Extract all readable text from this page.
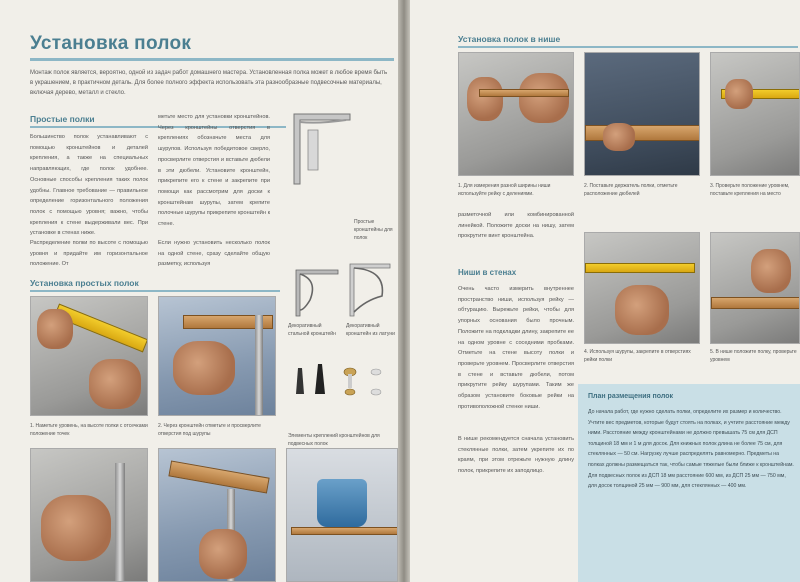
Установка полок
Монтаж полок является, вероятно, одной из задач работ домашнего мастера. Установленная полка может в любое время быть в украшением, в практичном деталь. Для более полного эффекта использовать эта разнообразные подвесочные материалы, включая дерево, металл и стекло.
Простые полки
Большинство полок устанавливают с помощью кронштейнов и деталей крепления, а также на специальных направляющих, где полок удобнее. Основные способы крепления таких полок удобны. Главное требование — правильное определение горизонтального положения полок с помощью уровня; важно, чтобы крепления к стене выдерживали вес. При установке в стенах ниже.
Распределение полки по высоте с помощью уровня и придайте им горизонтальное положение. От
метьте место для установки кронштейнов. Через кронштейны отверстия в креплениях обозначьте места для шурупов. Используя победитовое сверло, просверлите отверстия и вставьте дюбели в эти дюбели. Установите кронштейн, прикрепите его к стене и закрепите при помощи как рассмотрим для доски к кронштейнам шурупы, затем крепите полочные шурупы прикрепите кронштейн к стене.
Если нужно установить несколько полок на одной стене, сразу сделайте общую разметку, используя
Простые кронштейны для полок
Декоративный стальной кронштейн
Декоративный кронштейн из латуни
Элементы креплений кронштейнов для подвесных полок
Установка простых полок
1. Наметьте уровень, на высоте полки с отсечками положение точек
2. Через кронштейн отметьте и просверлите отверстия под шурупы
Установка полок в нише
1. Для измерения разной ширины ниши используйте рейку с делениями.
2. Поставьте держатель полки, отметьте расположение дюбелей
3. Проверьте положение уровнем, поставьте крепления на место
разметочной или комбинированной линейкой. Положите доски на нишу, затем прокрутите винт кронштейна.
Ниши в стенах
Очень часто измерить внутреннее пространство ниши, используя рейку — обтурацию. Вырежьте рейки, чтобы для упорных основания было прочным. Положите на подкладки длину, закрепите ее на одном уровне с соседними пробками. Отметьте на стене высоту полки и проверьте уровнем. Просверлите отверстия в стене и вставьте дюбели, потом прикрутите рейку шурупами. Таким же образом установите боковые рейки на противоположной стенке ниши.
В нише рекомендуется сначала установить стеклянные полки, затем укрепите их по краям, при этом отрежьте нужную длину полок, прикрепите их заподлицо.
4. Используя шурупы, закрепите в отверстиях рейки полки
5. В нише положите полку, проверьте уровнем
План размещения полок
До начала работ, где нужно сделать полки, определите их размер и количество. Учтите вес предметов, которые будут стоять на полках, и учтите расстояние между ними. Расстояние между кронштейнами не должно превышать 75 см для ДСП толщиной 18 мм и 1 м для досок. Для книжных полок длина не более 75 см, для стеклянных — 50 см. Нагрузку лучше распределять равномерно. Предметы на полках должны размещаться так, чтобы самые тяжелые были ближе к кронштейнам. Для подвесных полок из ДСП 18 мм расстояние 600 мм, из ДСП 25 мм — 750 мм, для досок толщиной 25 мм — 900 мм, для стеклянных — 400 мм.
